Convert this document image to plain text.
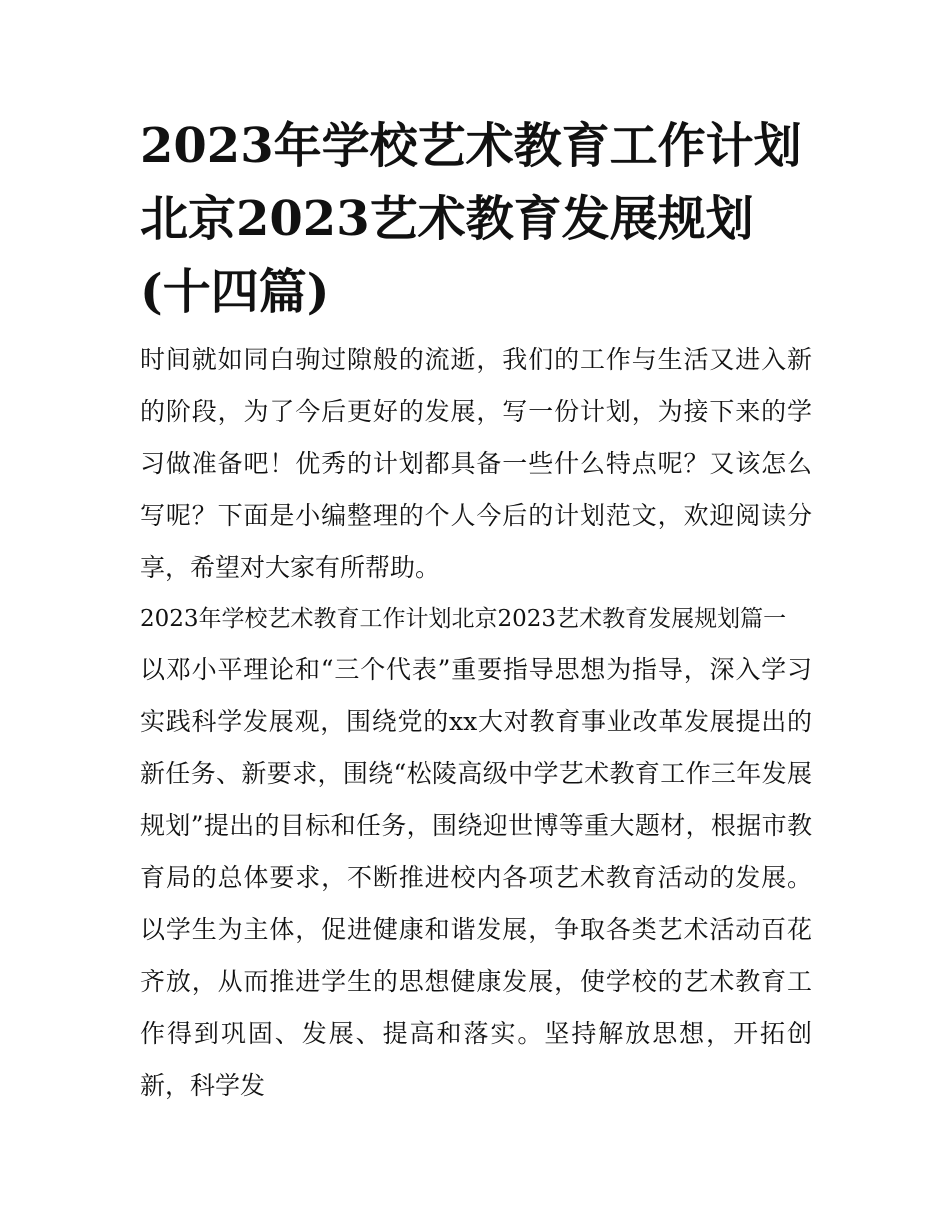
2023年学校艺术教育工作计划北京2023艺术教育发展规划(十四篇)

时间就如同白驹过隙般的流逝，我们的工作与生活又进入新的阶段，为了今后更好的发展，写一份计划，为接下来的学习做准备吧！优秀的计划都具备一些什么特点呢？又该怎么写呢？下面是小编整理的个人今后的计划范文，欢迎阅读分享，希望对大家有所帮助。

2023年学校艺术教育工作计划北京2023艺术教育发展规划篇一

以邓小平理论和“三个代表”重要指导思想为指导，深入学习实践科学发展观，围绕党的xx大对教育事业改革发展提出的新任务、新要求，围绕“松陵高级中学艺术教育工作三年发展规划”提出的目标和任务，围绕迎世博等重大题材，根据市教育局的总体要求，不断推进校内各项艺术教育活动的发展。以学生为主体，促进健康和谐发展，争取各类艺术活动百花齐放，从而推进学生的思想健康发展，使学校的艺术教育工作得到巩固、发展、提高和落实。坚持解放思想，开拓创新，科学发
